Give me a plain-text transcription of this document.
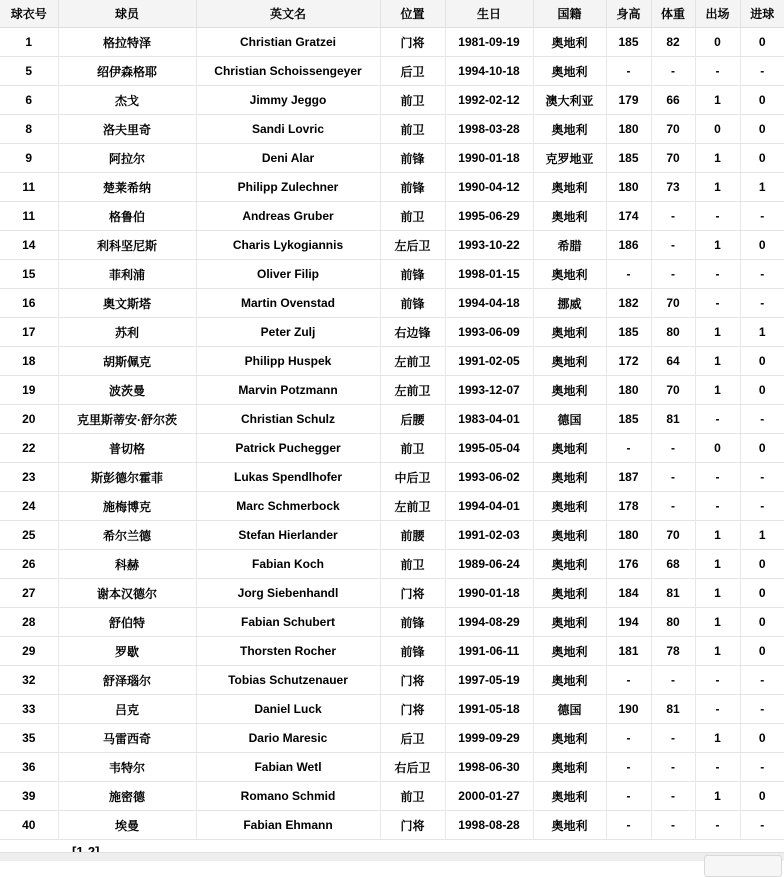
球衣号	球员	英文名	位置	生日	国籍	身高	体重	出场	进球
1	格拉特泽	Christian Gratzei	门将	1981-09-19	奥地利	185	82	0	0
5	绍伊森格耶	Christian Schoissengeyer	后卫	1994-10-18	奥地利	-	-	-	-
6	杰戈	Jimmy Jeggo	前卫	1992-02-12	澳大利亚	179	66	1	0
8	洛夫里奇	Sandi Lovric	前卫	1998-03-28	奥地利	180	70	0	0
9	阿拉尔	Deni Alar	前锋	1990-01-18	克罗地亚	185	70	1	0
11	楚莱希纳	Philipp Zulechner	前锋	1990-04-12	奥地利	180	73	1	1
11	格鲁伯	Andreas Gruber	前卫	1995-06-29	奥地利	174	-	-	-
14	利科坚尼斯	Charis Lykogiannis	左后卫	1993-10-22	希腊	186	-	1	0
15	菲利浦	Oliver Filip	前锋	1998-01-15	奥地利	-	-	-	-
16	奥文斯塔	Martin Ovenstad	前锋	1994-04-18	挪威	182	70	-	-
17	苏利	Peter Zulj	右边锋	1993-06-09	奥地利	185	80	1	1
18	胡斯佩克	Philipp Huspek	左前卫	1991-02-05	奥地利	172	64	1	0
19	波茨曼	Marvin Potzmann	左前卫	1993-12-07	奥地利	180	70	1	0
20	克里斯蒂安·舒尔茨	Christian Schulz	后腰	1983-04-01	德国	185	81	-	-
22	普切格	Patrick Puchegger	前卫	1995-05-04	奥地利	-	-	0	0
23	斯彭德尔霍菲	Lukas Spendlhofer	中后卫	1993-06-02	奥地利	187	-	-	-
24	施梅博克	Marc Schmerbock	左前卫	1994-04-01	奥地利	178	-	-	-
25	希尔兰德	Stefan Hierlander	前腰	1991-02-03	奥地利	180	70	1	1
26	科赫	Fabian Koch	前卫	1989-06-24	奥地利	176	68	1	0
27	谢本汉德尔	Jorg Siebenhandl	门将	1990-01-18	奥地利	184	81	1	0
28	舒伯特	Fabian Schubert	前锋	1994-08-29	奥地利	194	80	1	0
29	罗歇	Thorsten Rocher	前锋	1991-06-11	奥地利	181	78	1	0
32	舒泽瑙尔	Tobias Schutzenauer	门将	1997-05-19	奥地利	-	-	-	-
33	吕克	Daniel Luck	门将	1991-05-18	德国	190	81	-	-
35	马雷西奇	Dario Maresic	后卫	1999-09-29	奥地利	-	-	1	0
36	韦特尔	Fabian Wetl	右后卫	1998-06-30	奥地利	-	-	-	-
39	施密德	Romano Schmid	前卫	2000-01-27	奥地利	-	-	1	0
40	埃曼	Fabian Ehmann	门将	1998-08-28	奥地利	-	-	-	-
